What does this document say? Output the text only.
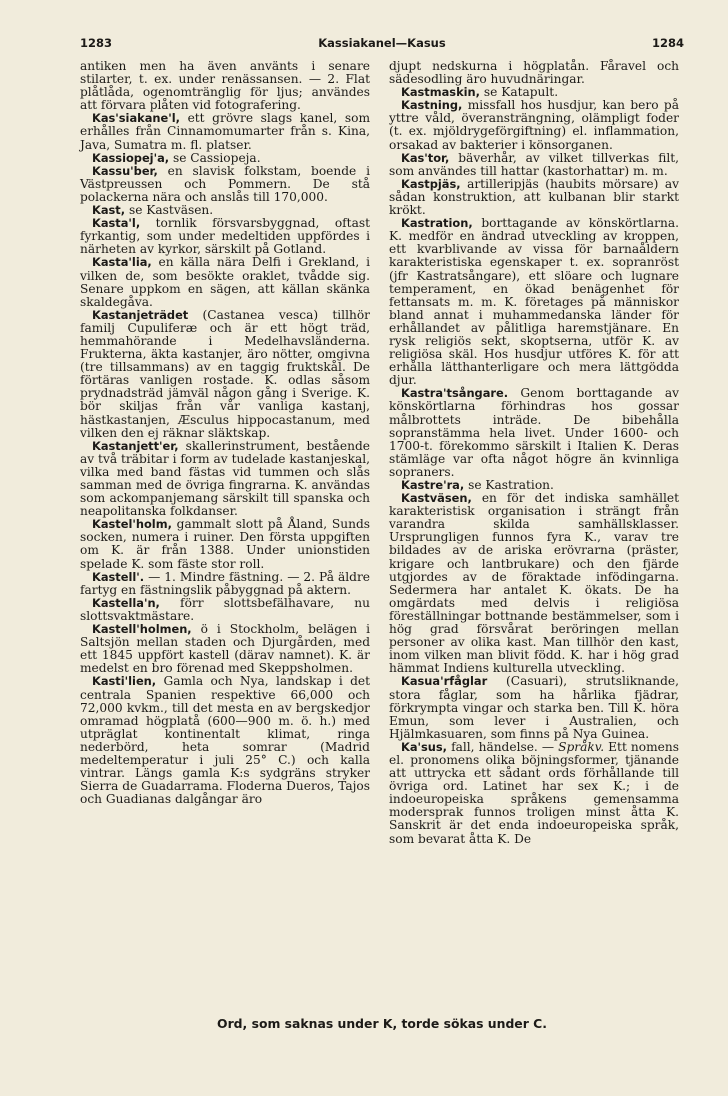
1283	Kassiakanel—Kasus	1284

antiken men ha även använts i senare stilarter, t. ex. under renässansen. — 2. Flat plåtlåda, ogenomtränglig för ljus; användes att förvara plåten vid fotografering.

Kas'siakane'l, ett grövre slags kanel, som erhålles från Cinnamomumarter från s. Kina, Java, Sumatra m. fl. platser.

Kassiopej'a, se Cassiopeja.

Kassu'ber, en slavisk folkstam, boende i Västpreussen och Pommern. De stå polackerna nära och anslås till 170,000.

Kast, se Kastväsen.

Kasta'l, tornlik försvarsbyggnad, oftast fyrkantig, som under medeltiden uppfördes i närheten av kyrkor, särskilt på Gotland.

Kasta'lia, en källa nära Delfi i Grekland, i vilken de, som besökte oraklet, tvådde sig. Senare uppkom en sägen, att källan skänka skaldegåva.

Kastanjeträdet (Castanea vesca) tillhör familj Cupuliferæ och är ett högt träd, hemmahörande i Medelhavsländerna. Frukterna, äkta kastanjer, äro nötter, omgivna (tre tillsammans) av en taggig fruktskål. De förtäras vanligen rostade. K. odlas såsom prydnadsträd jämväl någon gång i Sverige. K. bör skiljas från vår vanliga kastanj, hästkastanjen, Æsculus hippocastanum, med vilken den ej räknar släktskap.

Kastanjett'er, skallerinstrument, bestående av två träbitar i form av tudelade kastanjeskal, vilka med band fästas vid tummen och slås samman med de övriga fingrarna. K. användas som ackompanjemang särskilt till spanska och neapolitanska folkdanser.

Kastel'holm, gammalt slott på Åland, Sunds socken, numera i ruiner. Den första uppgiften om K. är från 1388. Under unionstiden spelade K. som fäste stor roll.

Kastell'. — 1. Mindre fästning. — 2. På äldre fartyg en fästningslik påbyggnad på aktern.

Kastella'n, förr slottsbefälhavare, nu slottsvaktmästare.

Kastell'holmen, ö i Stockholm, belägen i Saltsjön mellan staden och Djurgården, med ett 1845 uppfört kastell (därav namnet). K. är medelst en bro förenad med Skeppsholmen.

Kasti'lien, Gamla och Nya, landskap i det centrala Spanien respektive 66,000 och 72,000 kvkm., till det mesta en av bergskedjor omramad högplatå (600—900 m. ö. h.) med utpräglat kontinentalt klimat, ringa nederbörd, heta somrar (Madrid medeltemperatur i juli 25° C.) och kalla vintrar. Längs gamla K:s sydgräns stryker Sierra de Guadarrama. Floderna Dueros, Tajos och Guadianas dalgångar äro

djupt nedskurna i högplatån. Fåravel och sädesodling äro huvudnäringar.

Kastmaskin, se Katapult.

Kastning, missfall hos husdjur, kan bero på yttre våld, överansträngning, olämpligt foder (t. ex. mjöldrygeförgiftning) el. inflammation, orsakad av bakterier i könsorganen.

Kas'tor, bäverhår, av vilket tillverkas filt, som användes till hattar (kastorhattar) m. m.

Kastpjäs, artilleripjäs (haubits mörsare) av sådan konstruktion, att kulbanan blir starkt krökt.

Kastration, borttagande av könskörtlarna. K. medför en ändrad utveckling av kroppen, ett kvarblivande av vissa för barnaåldern karakteristiska egenskaper t. ex. sopranröst (jfr Kastratsångare), ett slöare och lugnare temperament, en ökad benägenhet för fettansats m. m. K. företages på människor bland annat i muhammedanska länder för erhållandet av pålitliga haremstjänare. En rysk religiös sekt, skoptserna, utför K. av religiösa skäl. Hos husdjur utföres K. för att erhålla lätthanterligare och mera lättgödda djur.

Kastra'tsångare. Genom borttagande av könskörtlarna förhindras hos gossar målbrottets inträde. De bibehålla sopranstämma hela livet. Under 1600- och 1700-t. förekommo särskilt i Italien K. Deras stämläge var ofta något högre än kvinnliga sopraners.

Kastre'ra, se Kastration.

Kastväsen, en för det indiska samhället karakteristisk organisation i strängt från varandra skilda samhällsklasser. Ursprungligen funnos fyra K., varav tre bildades av de ariska erövrarna (präster, krigare och lantbrukare) och den fjärde utgjordes av de föraktade infödingarna. Sedermera har antalet K. ökats. De ha omgärdats med delvis i religiösa föreställningar bottnande bestämmelser, som i hög grad försvårat beröringen mellan personer av olika kast. Man tillhör den kast, inom vilken man blivit född. K. har i hög grad hämmat Indiens kulturella utveckling.

Kasua'rfåglar (Casuari), strutsliknande, stora fåglar, som ha hårlika fjädrar, förkrympta vingar och starka ben. Till K. höra Emun, som lever i Australien, och Hjälmkasuaren, som finns på Nya Guinea.

Ka'sus, fall, händelse. — Språkv. Ett nomens el. pronomens olika böjningsformer, tjänande att uttrycka ett sådant ords förhållande till övriga ord. Latinet har sex K.; i de indoeuropeiska språkens gemensamma modersprak funnos troligen minst åtta K. Sanskrit är det enda indoeuropeiska språk, som bevarat åtta K. De

Ord, som saknas under K, torde sökas under C.
